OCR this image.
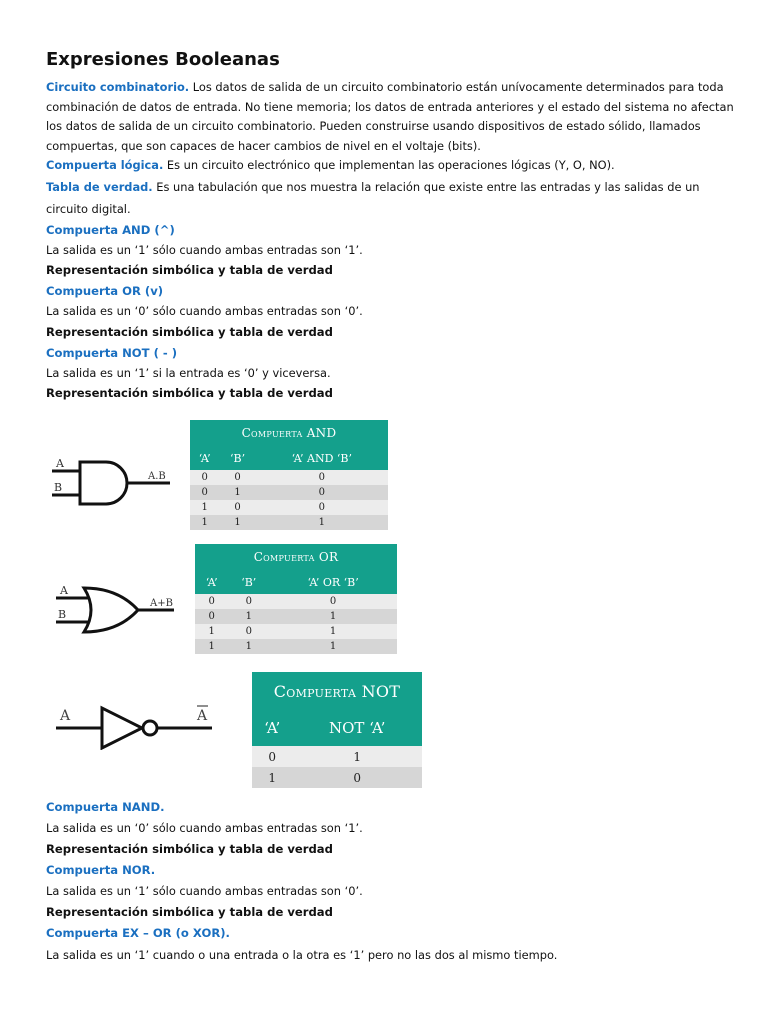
Expresiones Booleanas

Circuito combinatorio. Los datos de salida de un circuito combinatorio están unívocamente determinados para toda combinación de datos de entrada. No tiene memoria; los datos de entrada anteriores y el estado del sistema no afectan los datos de salida de un circuito combinatorio. Pueden construirse usando dispositivos de estado sólido, llamados compuertas, que son capaces de hacer cambios de nivel en el voltaje (bits).

Compuerta lógica. Es un circuito electrónico que implementan las operaciones lógicas (Y, O, NO).

Tabla de verdad. Es una tabulación que nos muestra la relación que existe entre las entradas y las salidas de un circuito digital.

Compuerta AND (^)

La salida es un ‘1’ sólo cuando ambas entradas son ‘1’.

Representación simbólica y tabla de verdad

Compuerta OR (v)

La salida es un ‘0’ sólo cuando ambas entradas son ‘0’.

Representación simbólica y tabla de verdad

Compuerta NOT ( - )

La salida es un ‘1’ si la entrada es ‘0’ y viceversa.

Representación simbólica y tabla de verdad

A
B
A.B
Compuerta AND		
‘A’	‘B’	‘A’ AND ‘B’
0	0	0
0	1	0
1	0	0
1	1	1
A
B
A+B
Compuerta OR		
‘A’	‘B’	‘A’ OR ‘B’
0	0	0
0	1	1
1	0	1
1	1	1
A	A
Compuerta NOT	
‘A’	NOT ‘A’
0	1
1	0

Compuerta NAND.

La salida es un ‘0’ sólo cuando ambas entradas son ‘1’.

Representación simbólica y tabla de verdad

Compuerta NOR.

La salida es un ‘1’ sólo cuando ambas entradas son ‘0’.

Representación simbólica y tabla de verdad

Compuerta EX – OR (o XOR).

La salida es un ‘1’ cuando o una entrada o la otra es ‘1’ pero no las dos al mismo tiempo.
